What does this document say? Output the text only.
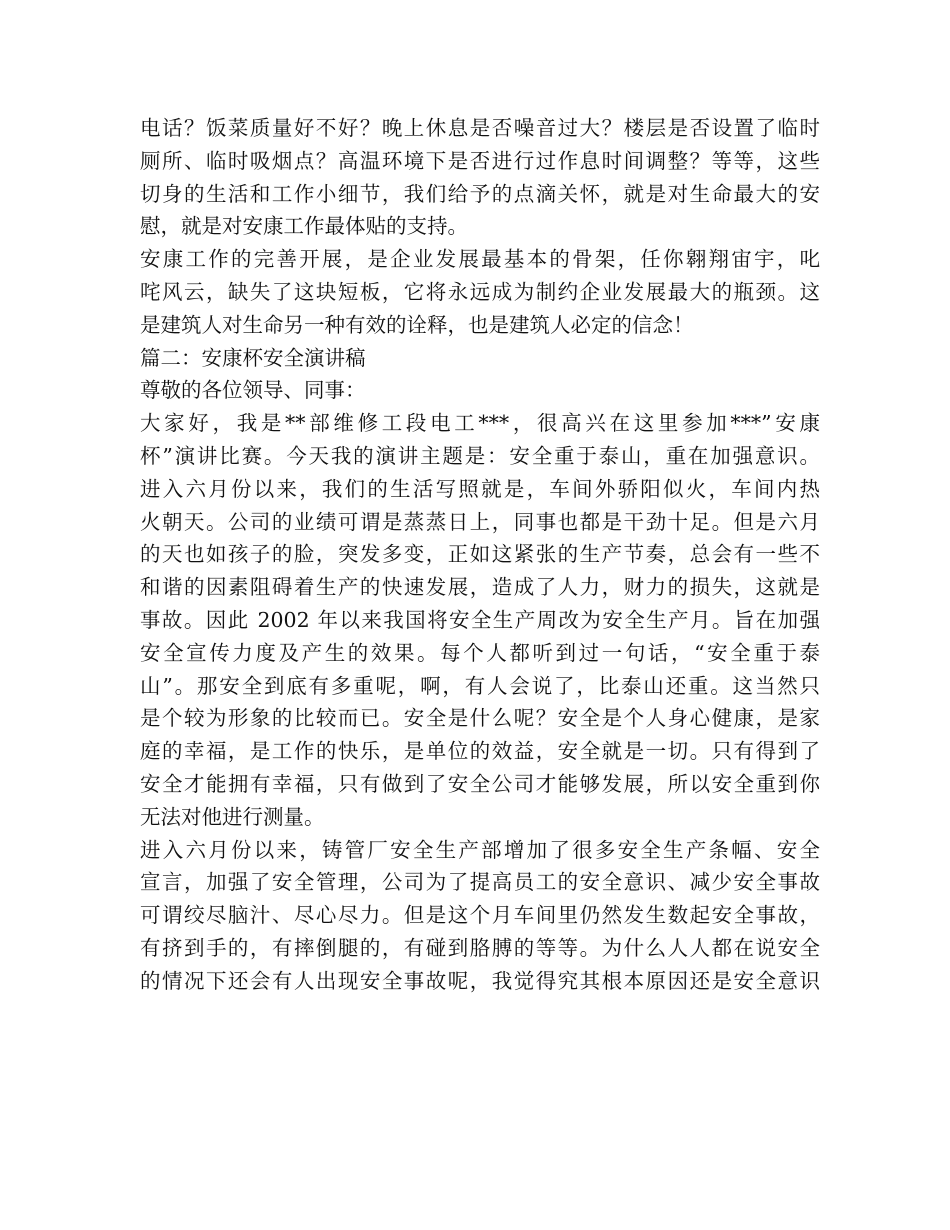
电话？饭菜质量好不好？晚上休息是否噪音过大？楼层是否设置了临时
厕所、临时吸烟点？高温环境下是否进行过作息时间调整？等等，这些
切身的生活和工作小细节，我们给予的点滴关怀，就是对生命最大的安
慰，就是对安康工作最体贴的支持。
安康工作的完善开展，是企业发展最基本的骨架，任你翱翔宙宇，叱
咤风云，缺失了这块短板，它将永远成为制约企业发展最大的瓶颈。这
是建筑人对生命另一种有效的诠释，也是建筑人必定的信念！
篇二：安康杯安全演讲稿
尊敬的各位领导、同事：
大家好，我是**部维修工段电工***，很高兴在这里参加***”安康
杯”演讲比赛。今天我的演讲主题是：安全重于泰山，重在加强意识。
进入六月份以来，我们的生活写照就是，车间外骄阳似火，车间内热
火朝天。公司的业绩可谓是蒸蒸日上，同事也都是干劲十足。但是六月
的天也如孩子的脸，突发多变，正如这紧张的生产节奏，总会有一些不
和谐的因素阻碍着生产的快速发展，造成了人力，财力的损失，这就是
事故。因此 2002 年以来我国将安全生产周改为安全生产月。旨在加强
安全宣传力度及产生的效果。每个人都听到过一句话，“安全重于泰
山”。那安全到底有多重呢，啊，有人会说了，比泰山还重。这当然只
是个较为形象的比较而已。安全是什么呢？安全是个人身心健康，是家
庭的幸福，是工作的快乐，是单位的效益，安全就是一切。只有得到了
安全才能拥有幸福，只有做到了安全公司才能够发展，所以安全重到你
无法对他进行测量。
进入六月份以来，铸管厂安全生产部增加了很多安全生产条幅、安全
宣言，加强了安全管理，公司为了提高员工的安全意识、减少安全事故
可谓绞尽脑汁、尽心尽力。但是这个月车间里仍然发生数起安全事故，
有挤到手的，有摔倒腿的，有碰到胳膊的等等。为什么人人都在说安全
的情况下还会有人出现安全事故呢，我觉得究其根本原因还是安全意识
